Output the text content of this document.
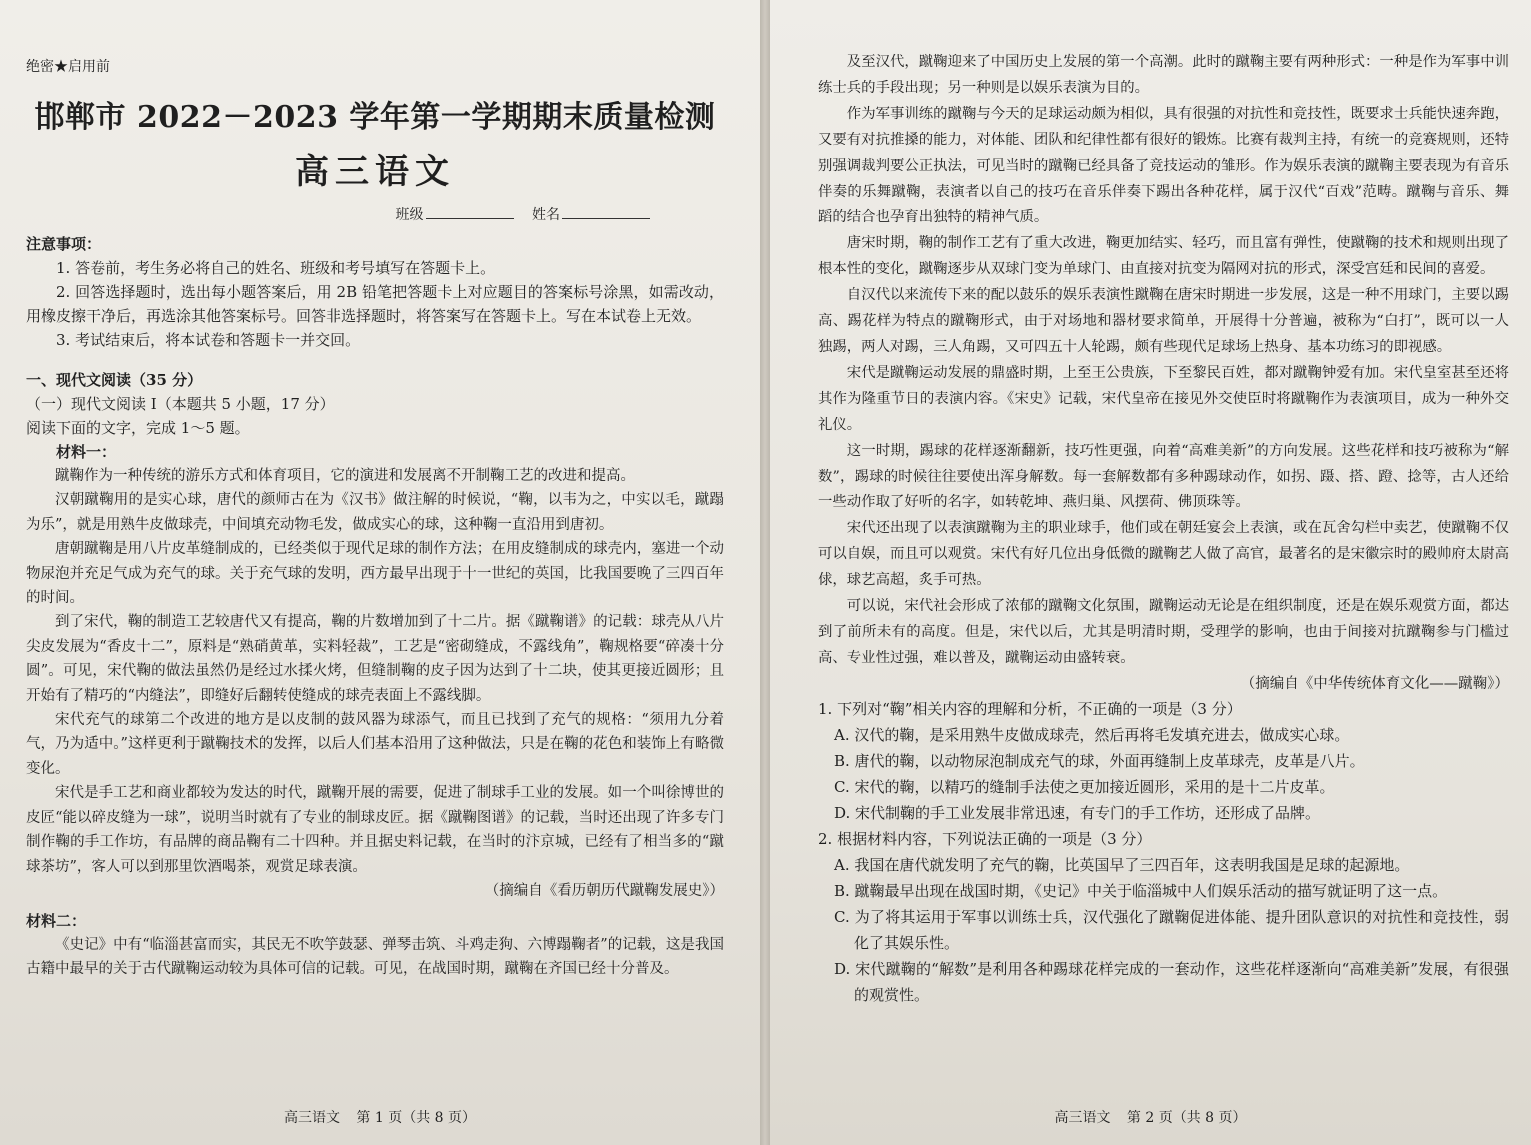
绝密★启用前
邯郸市 2022－2023 学年第一学期期末质量检测
高三语文
班级	姓名
注意事项：

1. 答卷前，考生务必将自己的姓名、班级和考号填写在答题卡上。

2. 回答选择题时，选出每小题答案后，用 2B 铅笔把答题卡上对应题目的答案标号涂黑，如需改动，用橡皮擦干净后，再选涂其他答案标号。回答非选择题时，将答案写在答题卡上。写在本试卷上无效。

3. 考试结束后，将本试卷和答题卡一并交回。

一、现代文阅读（35 分）
（一）现代文阅读 Ⅰ（本题共 5 小题，17 分）
阅读下面的文字，完成 1～5 题。
材料一：

蹴鞠作为一种传统的游乐方式和体育项目，它的演进和发展离不开制鞠工艺的改进和提高。

汉朝蹴鞠用的是实心球，唐代的颜师古在为《汉书》做注解的时候说，“鞠，以韦为之，中实以毛，蹴蹋为乐”，就是用熟牛皮做球壳，中间填充动物毛发，做成实心的球，这种鞠一直沿用到唐初。

唐朝蹴鞠是用八片皮革缝制成的，已经类似于现代足球的制作方法；在用皮缝制成的球壳内，塞进一个动物尿泡并充足气成为充气的球。关于充气球的发明，西方最早出现于十一世纪的英国，比我国要晚了三四百年的时间。

到了宋代，鞠的制造工艺较唐代又有提高，鞠的片数增加到了十二片。据《蹴鞠谱》的记载：球壳从八片尖皮发展为“香皮十二”，原料是“熟硝黄革，实料轻裁”，工艺是“密砌缝成，不露线角”，鞠规格要“碎凑十分圆”。可见，宋代鞠的做法虽然仍是经过水揉火烤，但缝制鞠的皮子因为达到了十二块，使其更接近圆形；且开始有了精巧的“内缝法”，即缝好后翻转使缝成的球壳表面上不露线脚。

宋代充气的球第二个改进的地方是以皮制的鼓风器为球添气，而且已找到了充气的规格：“须用九分着气，乃为适中。”这样更利于蹴鞠技术的发挥，以后人们基本沿用了这种做法，只是在鞠的花色和装饰上有略微变化。

宋代是手工艺和商业都较为发达的时代，蹴鞠开展的需要，促进了制球手工业的发展。如一个叫徐博世的皮匠“能以碎皮缝为一球”，说明当时就有了专业的制球皮匠。据《蹴鞠图谱》的记载，当时还出现了许多专门制作鞠的手工作坊，有品牌的商品鞠有二十四种。并且据史料记载，在当时的汴京城，已经有了相当多的“蹴球茶坊”，客人可以到那里饮酒喝茶，观赏足球表演。

（摘编自《看历朝历代蹴鞠发展史》）
材料二：

《史记》中有“临淄甚富而实，其民无不吹竽鼓瑟、弹琴击筑、斗鸡走狗、六博蹋鞠者”的记载，这是我国古籍中最早的关于古代蹴鞠运动较为具体可信的记载。可见，在战国时期，蹴鞠在齐国已经十分普及。

高三语文 第 1 页（共 8 页）

及至汉代，蹴鞠迎来了中国历史上发展的第一个高潮。此时的蹴鞠主要有两种形式：一种是作为军事中训练士兵的手段出现；另一种则是以娱乐表演为目的。

作为军事训练的蹴鞠与今天的足球运动颇为相似，具有很强的对抗性和竞技性，既要求士兵能快速奔跑，又要有对抗推搡的能力，对体能、团队和纪律性都有很好的锻炼。比赛有裁判主持，有统一的竞赛规则，还特别强调裁判要公正执法，可见当时的蹴鞠已经具备了竞技运动的雏形。作为娱乐表演的蹴鞠主要表现为有音乐伴奏的乐舞蹴鞠，表演者以自己的技巧在音乐伴奏下踢出各种花样，属于汉代“百戏”范畴。蹴鞠与音乐、舞蹈的结合也孕育出独特的精神气质。

唐宋时期，鞠的制作工艺有了重大改进，鞠更加结实、轻巧，而且富有弹性，使蹴鞠的技术和规则出现了根本性的变化，蹴鞠逐步从双球门变为单球门、由直接对抗变为隔网对抗的形式，深受宫廷和民间的喜爱。

自汉代以来流传下来的配以鼓乐的娱乐表演性蹴鞠在唐宋时期进一步发展，这是一种不用球门，主要以踢高、踢花样为特点的蹴鞠形式，由于对场地和器材要求简单，开展得十分普遍，被称为“白打”，既可以一人独踢，两人对踢，三人角踢，又可四五十人轮踢，颇有些现代足球场上热身、基本功练习的即视感。

宋代是蹴鞠运动发展的鼎盛时期，上至王公贵族，下至黎民百姓，都对蹴鞠钟爱有加。宋代皇室甚至还将其作为隆重节日的表演内容。《宋史》记载，宋代皇帝在接见外交使臣时将蹴鞠作为表演项目，成为一种外交礼仪。

这一时期，踢球的花样逐渐翻新，技巧性更强，向着“高难美新”的方向发展。这些花样和技巧被称为“解数”，踢球的时候往往要使出浑身解数。每一套解数都有多种踢球动作，如拐、蹑、搭、蹬、捻等，古人还给一些动作取了好听的名字，如转乾坤、燕归巢、风摆荷、佛顶珠等。

宋代还出现了以表演蹴鞠为主的职业球手，他们或在朝廷宴会上表演，或在瓦舍勾栏中卖艺，使蹴鞠不仅可以自娱，而且可以观赏。宋代有好几位出身低微的蹴鞠艺人做了高官，最著名的是宋徽宗时的殿帅府太尉高俅，球艺高超，炙手可热。

可以说，宋代社会形成了浓郁的蹴鞠文化氛围，蹴鞠运动无论是在组织制度，还是在娱乐观赏方面，都达到了前所未有的高度。但是，宋代以后，尤其是明清时期，受理学的影响，也由于间接对抗蹴鞠参与门槛过高、专业性过强，难以普及，蹴鞠运动由盛转衰。

（摘编自《中华传统体育文化——蹴鞠》）

1. 下列对“鞠”相关内容的理解和分析，不正确的一项是（3 分）

A. 汉代的鞠，是采用熟牛皮做成球壳，然后再将毛发填充进去，做成实心球。

B. 唐代的鞠，以动物尿泡制成充气的球，外面再缝制上皮革球壳，皮革是八片。

C. 宋代的鞠，以精巧的缝制手法使之更加接近圆形，采用的是十二片皮革。

D. 宋代制鞠的手工业发展非常迅速，有专门的手工作坊，还形成了品牌。

2. 根据材料内容，下列说法正确的一项是（3 分）

A. 我国在唐代就发明了充气的鞠，比英国早了三四百年，这表明我国是足球的起源地。

B. 蹴鞠最早出现在战国时期，《史记》中关于临淄城中人们娱乐活动的描写就证明了这一点。

C. 为了将其运用于军事以训练士兵，汉代强化了蹴鞠促进体能、提升团队意识的对抗性和竞技性，弱化了其娱乐性。

D. 宋代蹴鞠的“解数”是利用各种踢球花样完成的一套动作，这些花样逐渐向“高难美新”发展，有很强的观赏性。

高三语文 第 2 页（共 8 页）
